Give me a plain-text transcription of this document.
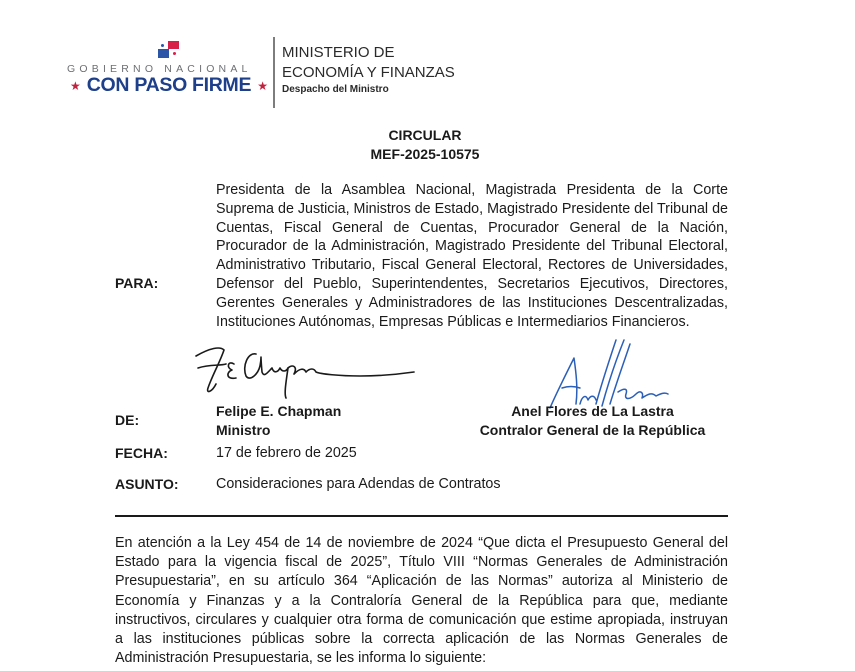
GOBIERNO NACIONAL
★ CON PASO FIRME ★
MINISTERIO DE
ECONOMÍA Y FINANZAS
Despacho del Ministro
CIRCULAR
MEF-2025-10575
PARA:
Presidenta de la Asamblea Nacional, Magistrada Presidenta de la Corte Suprema de Justicia, Ministros de Estado, Magistrado Presidente del Tribunal de Cuentas, Fiscal General de Cuentas, Procurador General de la Nación, Procurador de la Administración, Magistrado Presidente del Tribunal Electoral, Administrativo Tributario, Fiscal General Electoral, Rectores de Universidades, Defensor del Pueblo, Superintendentes, Secretarios Ejecutivos, Directores, Gerentes Generales y Administradores de las Instituciones Descentralizadas, Instituciones Autónomas, Empresas Públicas e Intermediarios Financieros.
DE:
Felipe E. Chapman
Ministro
Anel Flores de La Lastra
Contralor General de la República
FECHA:	17 de febrero de 2025
ASUNTO:	Consideraciones para Adendas de Contratos
En atención a la Ley 454 de 14 de noviembre de 2024 “Que dicta el Presupuesto General del Estado para la vigencia fiscal de 2025”, Título VIII “Normas Generales de Administración Presupuestaria”, en su artículo 364 “Aplicación de las Normas” autoriza al Ministerio de Economía y Finanzas y a la Contraloría General de la República para que, mediante instructivos, circulares y cualquier otra forma de comunicación que estime apropiada, instruyan a las instituciones públicas sobre la correcta aplicación de las Normas Generales de Administración Presupuestaria, se les informa lo siguiente:
